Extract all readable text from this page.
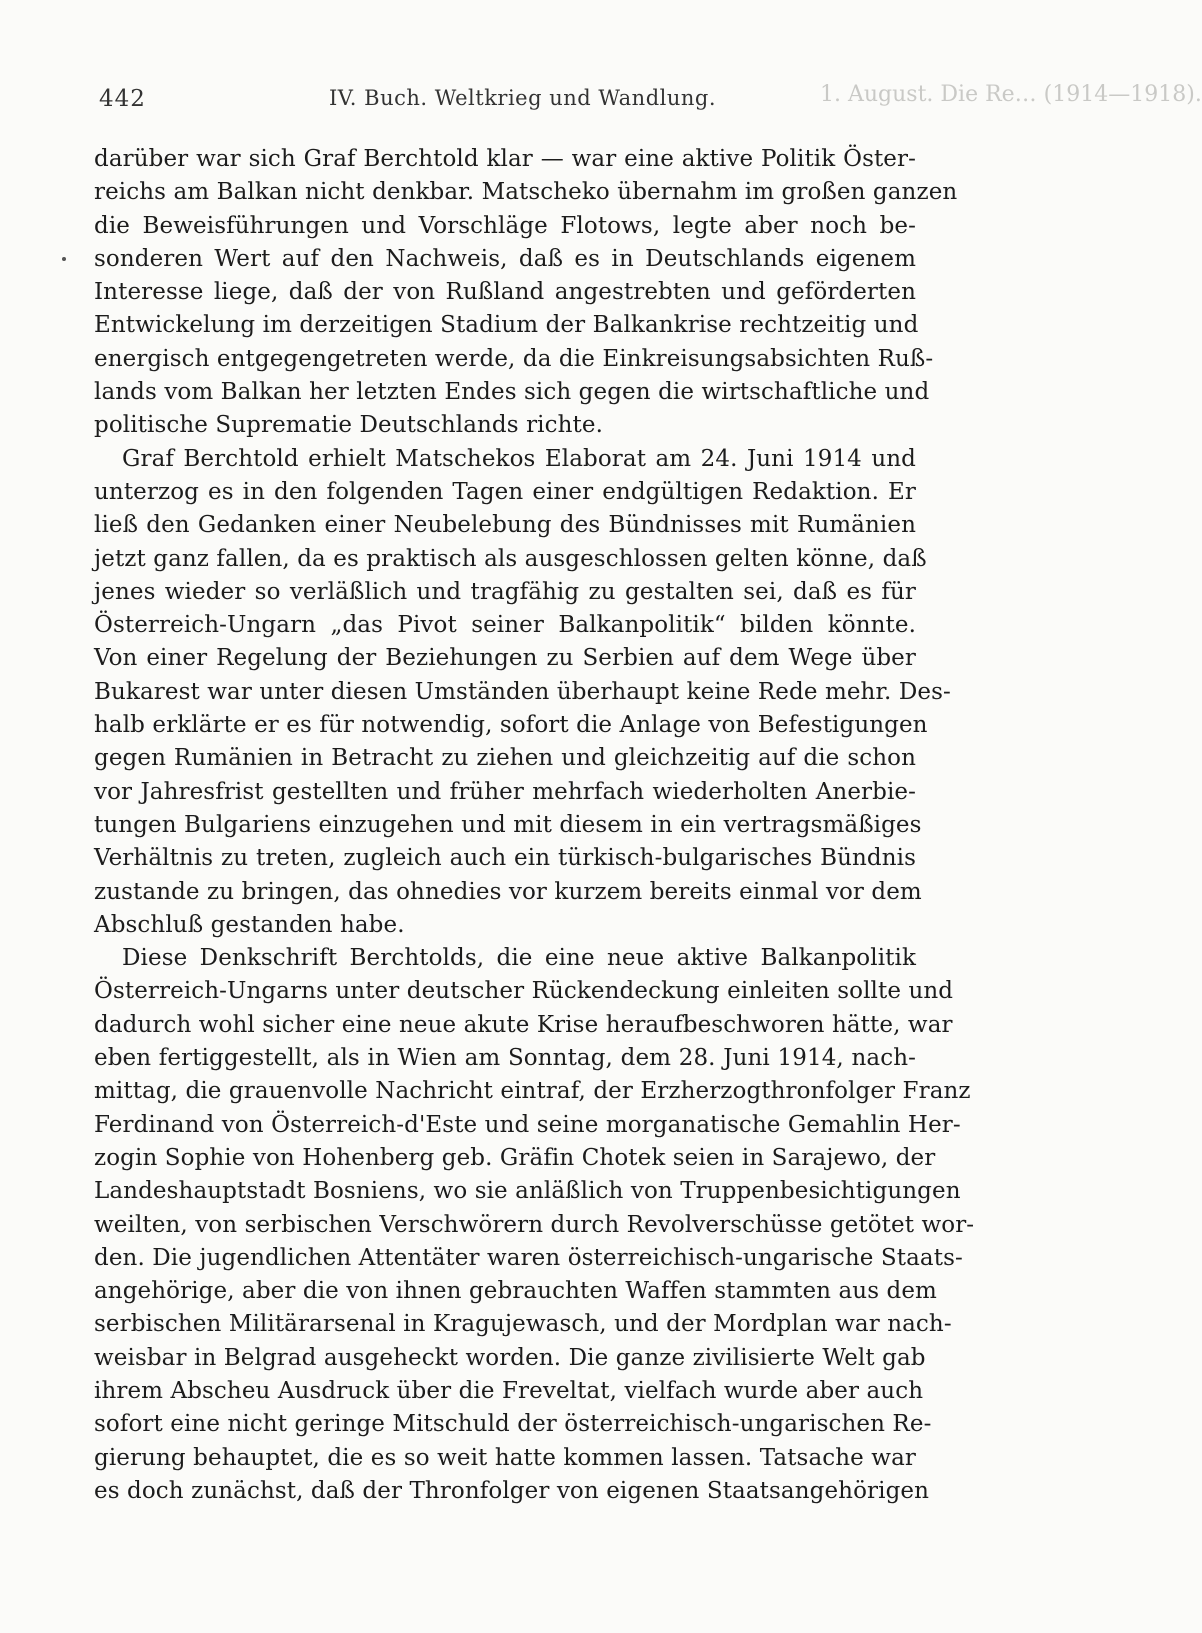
1. August. Die Re… (1914—1918).
442	IV. Buch. Weltkrieg und Wandlung.
darüber war sich Graf Berchtold klar — war eine aktive Politik Öster-
reichs am Balkan nicht denkbar. Matscheko übernahm im großen ganzen
die Beweisführungen und Vorschläge Flotows, legte aber noch be-
sonderen Wert auf den Nachweis, daß es in Deutschlands eigenem
Interesse liege, daß der von Rußland angestrebten und geförderten
Entwickelung im derzeitigen Stadium der Balkankrise rechtzeitig und
energisch entgegengetreten werde, da die Einkreisungsabsichten Ruß-
lands vom Balkan her letzten Endes sich gegen die wirtschaftliche und
politische Suprematie Deutschlands richte.
Graf Berchtold erhielt Matschekos Elaborat am 24. Juni 1914 und
unterzog es in den folgenden Tagen einer endgültigen Redaktion. Er
ließ den Gedanken einer Neubelebung des Bündnisses mit Rumänien
jetzt ganz fallen, da es praktisch als ausgeschlossen gelten könne, daß
jenes wieder so verläßlich und tragfähig zu gestalten sei, daß es für
Österreich-Ungarn „das Pivot seiner Balkanpolitik“ bilden könnte.
Von einer Regelung der Beziehungen zu Serbien auf dem Wege über
Bukarest war unter diesen Umständen überhaupt keine Rede mehr. Des-
halb erklärte er es für notwendig, sofort die Anlage von Befestigungen
gegen Rumänien in Betracht zu ziehen und gleichzeitig auf die schon
vor Jahresfrist gestellten und früher mehrfach wiederholten Anerbie-
tungen Bulgariens einzugehen und mit diesem in ein vertragsmäßiges
Verhältnis zu treten, zugleich auch ein türkisch-bulgarisches Bündnis
zustande zu bringen, das ohnedies vor kurzem bereits einmal vor dem
Abschluß gestanden habe.
Diese Denkschrift Berchtolds, die eine neue aktive Balkanpolitik
Österreich-Ungarns unter deutscher Rückendeckung einleiten sollte und
dadurch wohl sicher eine neue akute Krise heraufbeschworen hätte, war
eben fertiggestellt, als in Wien am Sonntag, dem 28. Juni 1914, nach-
mittag, die grauenvolle Nachricht eintraf, der Erzherzogthronfolger Franz
Ferdinand von Österreich-d'Este und seine morganatische Gemahlin Her-
zogin Sophie von Hohenberg geb. Gräfin Chotek seien in Sarajewo, der
Landeshauptstadt Bosniens, wo sie anläßlich von Truppenbesichtigungen
weilten, von serbischen Verschwörern durch Revolverschüsse getötet wor-
den. Die jugendlichen Attentäter waren österreichisch-ungarische Staats-
angehörige, aber die von ihnen gebrauchten Waffen stammten aus dem
serbischen Militärarsenal in Kragujewasch, und der Mordplan war nach-
weisbar in Belgrad ausgeheckt worden. Die ganze zivilisierte Welt gab
ihrem Abscheu Ausdruck über die Freveltat, vielfach wurde aber auch
sofort eine nicht geringe Mitschuld der österreichisch-ungarischen Re-
gierung behauptet, die es so weit hatte kommen lassen. Tatsache war
es doch zunächst, daß der Thronfolger von eigenen Staatsangehörigen
